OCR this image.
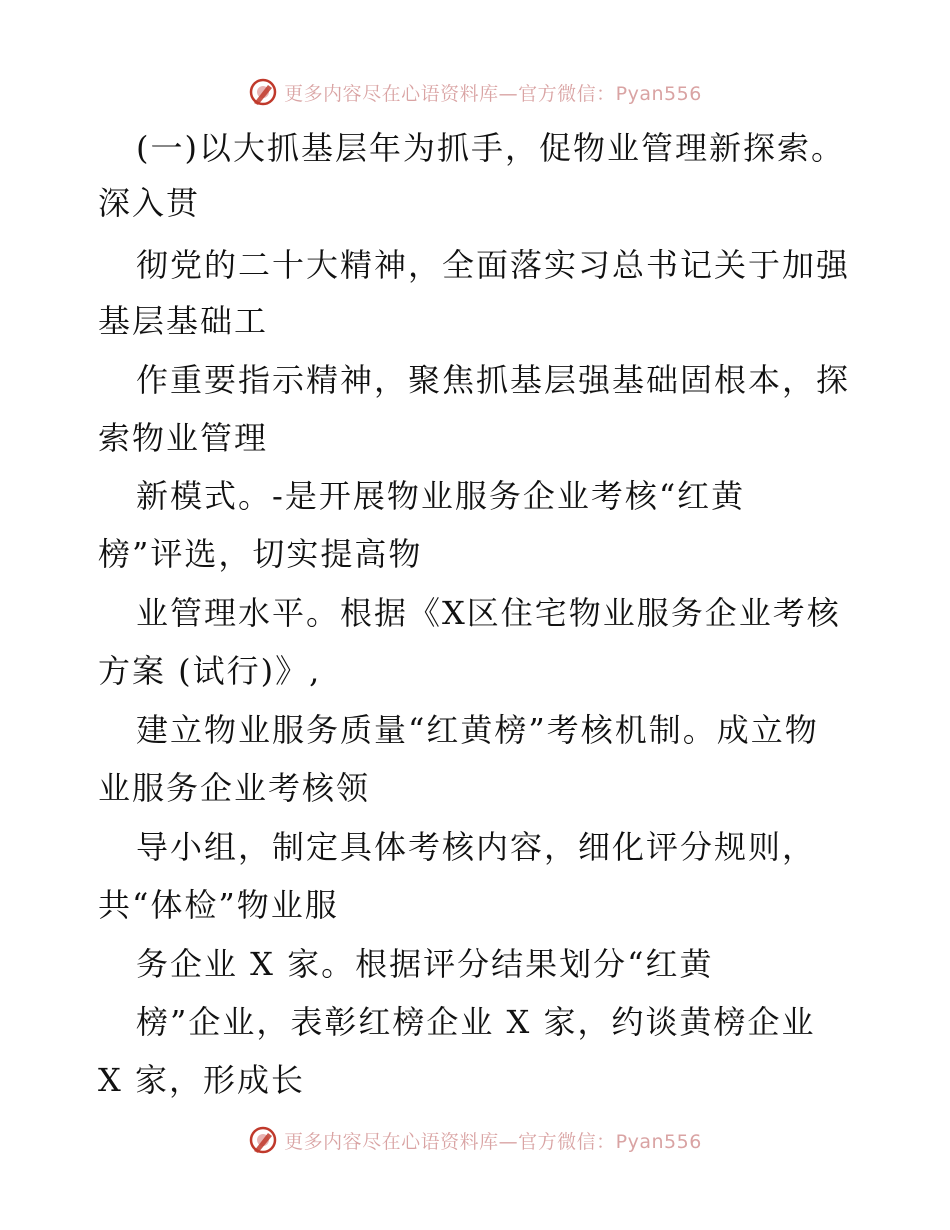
更多内容尽在心语资料库—官方微信：Pyan556
(一)以大抓基层年为抓手，促物业管理新探索。
深入贯
彻党的二十大精神，全面落实习总书记关于加强
基层基础工
作重要指示精神，聚焦抓基层强基础固根本，探
索物业管理
新模式。-是开展物业服务企业考核“红黄
榜”评选，切实提高物
业管理水平。根据《X区住宅物业服务企业考核
方案 (试行)》,
建立物业服务质量“红黄榜”考核机制。成立物
业服务企业考核领
导小组，制定具体考核内容，细化评分规则，
共“体检”物业服
务企业 X 家。根据评分结果划分“红黄
榜”企业，表彰红榜企业 X 家，约谈黄榜企业
X 家，形成长
更多内容尽在心语资料库—官方微信：Pyan556
